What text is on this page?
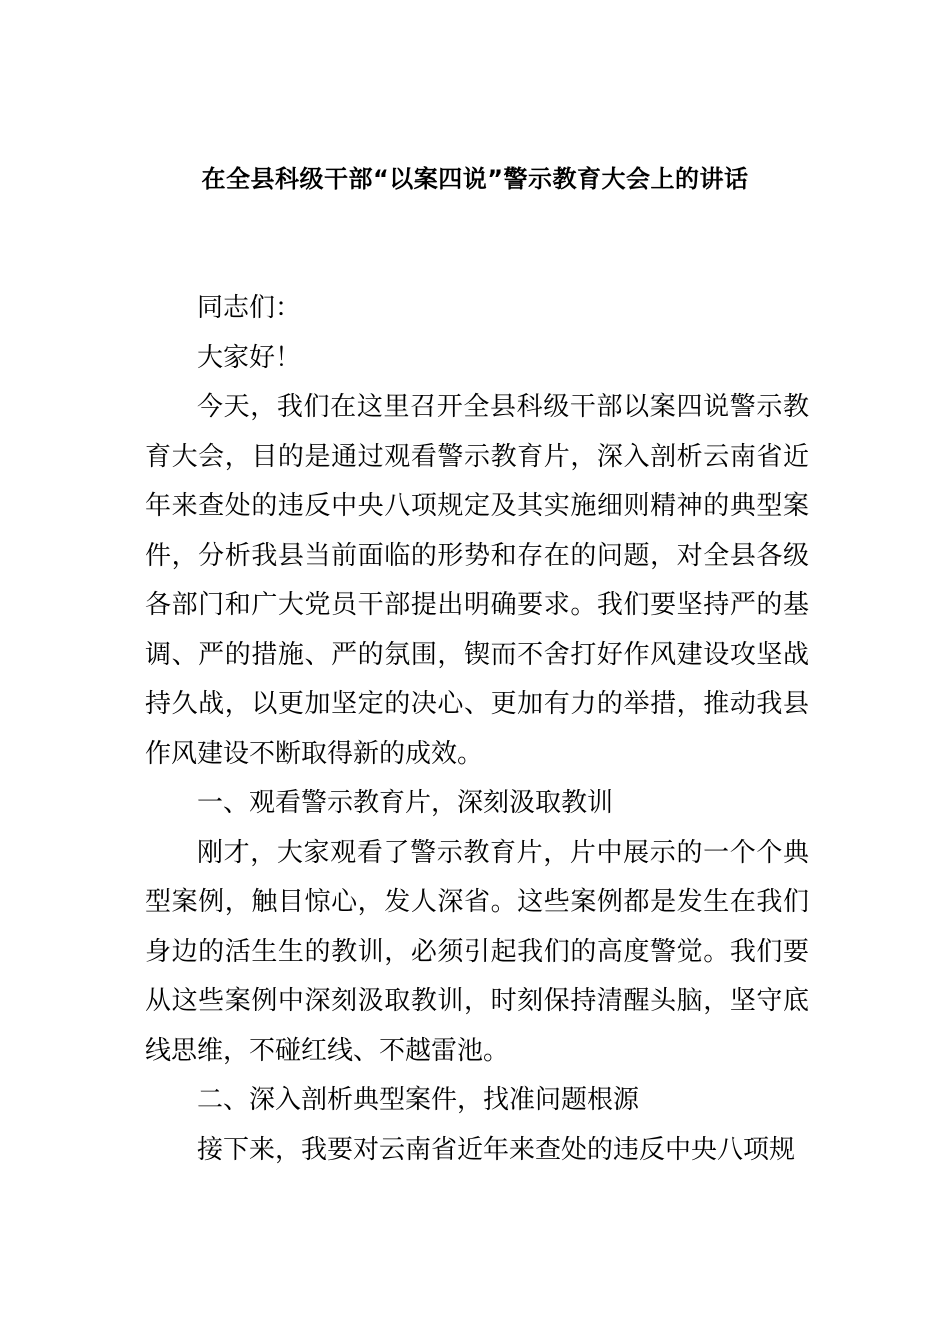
在全县科级干部“以案四说”警示教育大会上的讲话

同志们：

大家好！

今天，我们在这里召开全县科级干部以案四说警示教育大会，目的是通过观看警示教育片，深入剖析云南省近年来查处的违反中央八项规定及其实施细则精神的典型案件，分析我县当前面临的形势和存在的问题，对全县各级各部门和广大党员干部提出明确要求。我们要坚持严的基调、严的措施、严的氛围，锲而不舍打好作风建设攻坚战持久战，以更加坚定的决心、更加有力的举措，推动我县作风建设不断取得新的成效。

一、观看警示教育片，深刻汲取教训

刚才，大家观看了警示教育片，片中展示的一个个典型案例，触目惊心，发人深省。这些案例都是发生在我们身边的活生生的教训，必须引起我们的高度警觉。我们要从这些案例中深刻汲取教训，时刻保持清醒头脑，坚守底线思维，不碰红线、不越雷池。

二、深入剖析典型案件，找准问题根源

接下来，我要对云南省近年来查处的违反中央八项规
